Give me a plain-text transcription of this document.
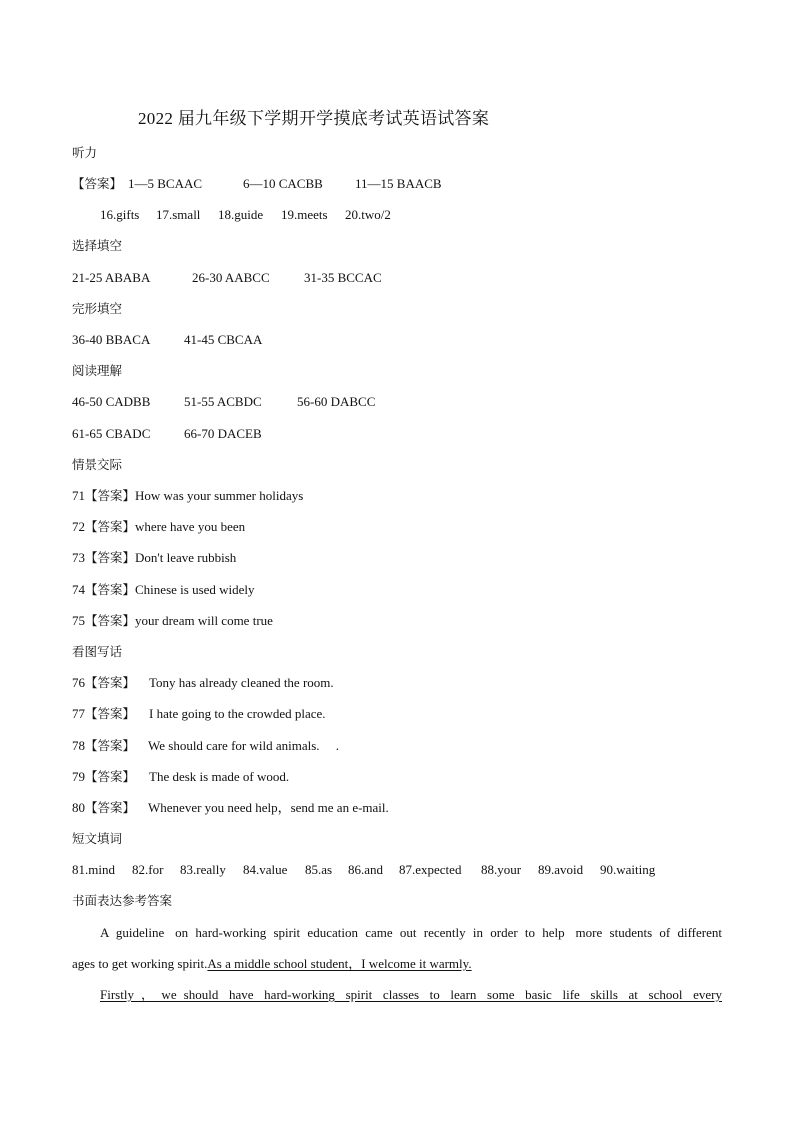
2022 届九年级下学期开学摸底考试英语试答案
听力
【答案】 1—5 BCAAC	6—10 CACBB 11—15 BAACB
16.gifts 17.small 18.guide 19.meets 20.two/2
选择填空
21-25 ABABA	26-30 AABCC	31-35 BCCAC
完形填空
36-40 BBACA	41-45 CBCAA
阅读理解
46-50 CADBB	51-55 ACBDC	56-60 DABCC
61-65 CBADC	66-70 DACEB
情景交际
71【答案】How was your summer holidays
72【答案】where have you been
73【答案】Don't leave rubbish
74【答案】Chinese is used widely
75【答案】your dream will come true
看图写话
76【答案】 Tony has already cleaned the room.
77【答案】 I hate going to the crowded place.
78【答案】 We should care for wild animals.     .
79【答案】 The desk is made of wood.
80【答案】 Whenever you need help，send me an e-mail.
短文填词
81.mind 82.for 83.really 84.value 85.as 86.and 87.expected 88.your 89.avoid 90.waiting
书面表达参考答案
A  guideline   on  hard-working  spirit  education  came  out  recently  in  order  to  help   more  students  of  different
ages to get working spirit.As a middle school student，I welcome it warmly.
Firstly  ，  we  should   have   hard-working   spirit   classes   to   learn   some   basic   life   skills   at   school   every
